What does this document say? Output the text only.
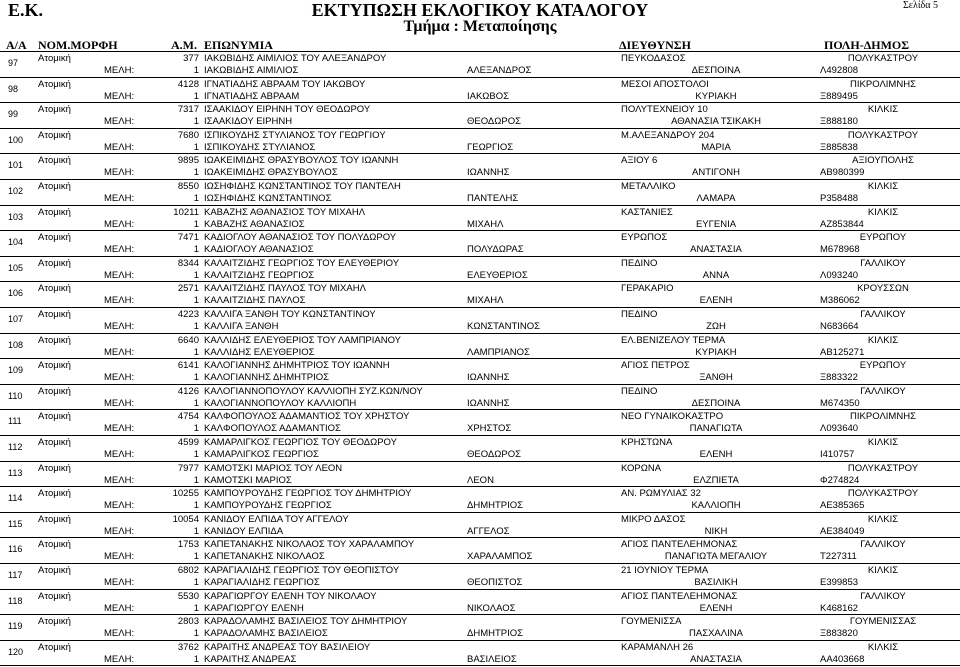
Ε.Κ.	ΕΚΤΥΠΩΣΗ ΕΚΛΟΓΙΚΟΥ ΚΑΤΑΛΟΓΟΥ
Τμήμα : Μεταποίησης
Σελίδα 5
Α/Α ΝΟΜ.ΜΟΡΦΗ	Α.Μ. ΕΠΩΝΥΜΙΑ	ΔΙΕΥΘΥΝΣΗ	ΠΟΛΗ-ΔΗΜΟΣ
97 Ατομική	377 ΙΑΚΩΒΙΔΗΣ ΑΙΜΙΛΙΟΣ ΤΟΥ ΑΛΕΞΑΝΔΡΟΥ	ΠΕΥΚΟΔΑΣΟΣ	ΠΟΛΥΚΑΣΤΡΟΥ
ΜΕΛΗ:	1 ΙΑΚΩΒΙΔΗΣ ΑΙΜΙΛΙΟΣ	ΑΛΕΞΑΝΔΡΟΣ	ΔΕΣΠΟΙΝΑ	Λ492808
98 Ατομική	4128 ΙΓΝΑΤΙΑΔΗΣ ΑΒΡΑΑΜ ΤΟΥ ΙΑΚΩΒΟΥ	ΜΕΣΟΙ ΑΠΟΣΤΟΛΟΙ	ΠΙΚΡΟΛΙΜΝΗΣ
ΜΕΛΗ:	1 ΙΓΝΑΤΙΑΔΗΣ ΑΒΡΑΑΜ	ΙΑΚΩΒΟΣ	ΚΥΡΙΑΚΗ	Ξ889495
99 Ατομική	7317 ΙΣΑΑΚΙΔΟΥ ΕΙΡΗΝΗ ΤΟΥ ΘΕΟΔΩΡΟΥ	ΠΟΛΥΤΕΧΝΕΙΟΥ 10	ΚΙΛΚΙΣ
ΜΕΛΗ:	1 ΙΣΑΑΚΙΔΟΥ ΕΙΡΗΝΗ	ΘΕΟΔΩΡΟΣ	ΑΘΑΝΑΣΙΑ ΤΣΙΚΑΚΗ	Ξ888180
100 Ατομική	7680 ΙΣΠΙΚΟΥΔΗΣ ΣΤΥΛΙΑΝΟΣ ΤΟΥ ΓΕΩΡΓΙΟΥ	Μ.ΑΛΕΞΑΝΔΡΟΥ 204	ΠΟΛΥΚΑΣΤΡΟΥ
ΜΕΛΗ:	1 ΙΣΠΙΚΟΥΔΗΣ ΣΤΥΛΙΑΝΟΣ	ΓΕΩΡΓΙΟΣ	ΜΑΡΙΑ	Ξ885838
101 Ατομική	9895 ΙΩΑΚΕΙΜΙΔΗΣ ΘΡΑΣΥΒΟΥΛΟΣ ΤΟΥ ΙΩΑΝΝΗ	ΑΞΙΟΥ 6	ΑΞΙΟΥΠΟΛΗΣ
ΜΕΛΗ:	1 ΙΩΑΚΕΙΜΙΔΗΣ ΘΡΑΣΥΒΟΥΛΟΣ	ΙΩΑΝΝΗΣ	ΑΝΤΙΓΟΝΗ	ΑΒ980399
102 Ατομική	8550 ΙΩΣΗΦΙΔΗΣ ΚΩΝΣΤΑΝΤΙΝΟΣ ΤΟΥ ΠΑΝΤΕΛΗ	ΜΕΤΑΛΛΙΚΟ	ΚΙΛΚΙΣ
ΜΕΛΗ:	1 ΙΩΣΗΦΙΔΗΣ ΚΩΝΣΤΑΝΤΙΝΟΣ	ΠΑΝΤΕΛΗΣ	ΛΑΜΑΡΑ	Ρ358488
103 Ατομική	10211 ΚΑΒΑΖΗΣ ΑΘΑΝΑΣΙΟΣ ΤΟΥ ΜΙΧΑΗΛ	ΚΑΣΤΑΝΙΕΣ	ΚΙΛΚΙΣ
ΜΕΛΗ:	1 ΚΑΒΑΖΗΣ ΑΘΑΝΑΣΙΟΣ	ΜΙΧΑΗΛ	ΕΥΓΕΝΙΑ	ΑΖ853844
104 Ατομική	7471 ΚΑΔΙΟΓΛΟΥ ΑΘΑΝΑΣΙΟΣ ΤΟΥ ΠΟΛΥΔΩΡΟΥ	ΕΥΡΩΠΟΣ	ΕΥΡΩΠΟΥ
ΜΕΛΗ:	1 ΚΑΔΙΟΓΛΟΥ ΑΘΑΝΑΣΙΟΣ	ΠΟΛΥΔΩΡΑΣ	ΑΝΑΣΤΑΣΙΑ	Μ678968
105 Ατομική	8344 ΚΑΛΑΙΤΖΙΔΗΣ ΓΕΩΡΓΙΟΣ ΤΟΥ ΕΛΕΥΘΕΡΙΟΥ	ΠΕΔΙΝΟ	ΓΑΛΛΙΚΟΥ
ΜΕΛΗ:	1 ΚΑΛΑΙΤΖΙΔΗΣ ΓΕΩΡΓΙΟΣ	ΕΛΕΥΘΕΡΙΟΣ	ΑΝΝΑ	Λ093240
106 Ατομική	2571 ΚΑΛΑΙΤΖΙΔΗΣ ΠΑΥΛΟΣ ΤΟΥ ΜΙΧΑΗΛ	ΓΕΡΑΚΑΡΙΟ	ΚΡΟΥΣΣΩΝ
ΜΕΛΗ:	1 ΚΑΛΑΙΤΖΙΔΗΣ ΠΑΥΛΟΣ	ΜΙΧΑΗΛ	ΕΛΕΝΗ	Μ386062
107 Ατομική	4223 ΚΑΛΛΙΓΑ ΞΑΝΘΗ ΤΟΥ ΚΩΝΣΤΑΝΤΙΝΟΥ	ΠΕΔΙΝΟ	ΓΑΛΛΙΚΟΥ
ΜΕΛΗ:	1 ΚΑΛΛΙΓΑ ΞΑΝΘΗ	ΚΩΝΣΤΑΝΤΙΝΟΣ	ΖΩΗ	Ν683664
108 Ατομική	6640 ΚΑΛΛΙΔΗΣ ΕΛΕΥΘΕΡΙΟΣ ΤΟΥ ΛΑΜΠΡΙΑΝΟΥ	ΕΛ.ΒΕΝΙΖΕΛΟΥ ΤΕΡΜΑ	ΚΙΛΚΙΣ
ΜΕΛΗ:	1 ΚΑΛΛΙΔΗΣ ΕΛΕΥΘΕΡΙΟΣ	ΛΑΜΠΡΙΑΝΟΣ	ΚΥΡΙΑΚΗ	ΑΒ125271
109 Ατομική	6141 ΚΑΛΟΓΙΑΝΝΗΣ ΔΗΜΗΤΡΙΟΣ ΤΟΥ ΙΩΑΝΝΗ	ΑΓΙΟΣ ΠΕΤΡΟΣ	ΕΥΡΩΠΟΥ
ΜΕΛΗ:	1 ΚΑΛΟΓΙΑΝΝΗΣ ΔΗΜΗΤΡΙΟΣ	ΙΩΑΝΝΗΣ	ΞΑΝΘΗ	Ξ883322
110 Ατομική	4126 ΚΑΛΟΓΙΑΝΝΟΠΟΥΛΟΥ ΚΑΛΛΙΟΠΗ ΣΥΖ.ΚΩΝ/ΝΟΥ	ΠΕΔΙΝΟ	ΓΑΛΛΙΚΟΥ
ΜΕΛΗ:	1 ΚΑΛΟΓΙΑΝΝΟΠΟΥΛΟΥ ΚΑΛΛΙΟΠΗ	ΙΩΑΝΝΗΣ	ΔΕΣΠΟΙΝΑ	Μ674350
111 Ατομική	4754 ΚΑΛΦΟΠΟΥΛΟΣ ΑΔΑΜΑΝΤΙΟΣ ΤΟΥ ΧΡΗΣΤΟΥ	ΝΕΟ ΓΥΝΑΙΚΟΚΑΣΤΡΟ	ΠΙΚΡΟΛΙΜΝΗΣ
ΜΕΛΗ:	1 ΚΑΛΦΟΠΟΥΛΟΣ ΑΔΑΜΑΝΤΙΟΣ	ΧΡΗΣΤΟΣ	ΠΑΝΑΓΙΩΤΑ	Λ093640
112 Ατομική	4599 ΚΑΜΑΡΛΙΓΚΟΣ ΓΕΩΡΓΙΟΣ ΤΟΥ ΘΕΟΔΩΡΟΥ	ΚΡΗΣΤΩΝΑ	ΚΙΛΚΙΣ
ΜΕΛΗ:	1 ΚΑΜΑΡΛΙΓΚΟΣ ΓΕΩΡΓΙΟΣ	ΘΕΟΔΩΡΟΣ	ΕΛΕΝΗ	Ι410757
113 Ατομική	7977 ΚΑΜΟΤΣΚΙ ΜΑΡΙΟΣ ΤΟΥ ΛΕΟΝ	ΚΟΡΩΝΑ	ΠΟΛΥΚΑΣΤΡΟΥ
ΜΕΛΗ:	1 ΚΑΜΟΤΣΚΙ ΜΑΡΙΟΣ	ΛΕΟΝ	ΕΛΖΠΙΕΤΑ	Φ274824
114 Ατομική	10255 ΚΑΜΠΟΥΡΟΥΔΗΣ ΓΕΩΡΓΙΟΣ ΤΟΥ ΔΗΜΗΤΡΙΟΥ	ΑΝ. ΡΩΜΥΛΙΑΣ 32	ΠΟΛΥΚΑΣΤΡΟΥ
ΜΕΛΗ:	1 ΚΑΜΠΟΥΡΟΥΔΗΣ ΓΕΩΡΓΙΟΣ	ΔΗΜΗΤΡΙΟΣ	ΚΑΛΛΙΟΠΗ	ΑΕ385365
115 Ατομική	10054 ΚΑΝΙΔΟΥ ΕΛΠΙΔΑ ΤΟΥ ΑΓΓΕΛΟΥ	ΜΙΚΡΟ ΔΑΣΟΣ	ΚΙΛΚΙΣ
ΜΕΛΗ:	1 ΚΑΝΙΔΟΥ ΕΛΠΙΔΑ	ΑΓΓΕΛΟΣ	ΝΙΚΗ	ΑΕ384049
116 Ατομική	1753 ΚΑΠΕΤΑΝΑΚΗΣ ΝΙΚΟΛΑΟΣ ΤΟΥ ΧΑΡΑΛΑΜΠΟΥ	ΑΓΙΟΣ ΠΑΝΤΕΛΕΗΜΟΝΑΣ	ΓΑΛΛΙΚΟΥ
ΜΕΛΗ:	1 ΚΑΠΕΤΑΝΑΚΗΣ ΝΙΚΟΛΑΟΣ	ΧΑΡΑΛΑΜΠΟΣ	ΠΑΝΑΓΙΩΤΑ ΜΕΓΑΛΙΟΥ	Τ227311
117 Ατομική	6802 ΚΑΡΑΓΙΑΛΙΔΗΣ ΓΕΩΡΓΙΟΣ ΤΟΥ ΘΕΟΠΙΣΤΟΥ	21 ΙΟΥΝΙΟΥ ΤΕΡΜΑ	ΚΙΛΚΙΣ
ΜΕΛΗ:	1 ΚΑΡΑΓΙΑΛΙΔΗΣ ΓΕΩΡΓΙΟΣ	ΘΕΟΠΙΣΤΟΣ	ΒΑΣΙΛΙΚΗ	Ε399853
118 Ατομική	5530 ΚΑΡΑΓΙΩΡΓΟΥ ΕΛΕΝΗ ΤΟΥ ΝΙΚΟΛΑΟΥ	ΑΓΙΟΣ ΠΑΝΤΕΛΕΗΜΟΝΑΣ	ΓΑΛΛΙΚΟΥ
ΜΕΛΗ:	1 ΚΑΡΑΓΙΩΡΓΟΥ ΕΛΕΝΗ	ΝΙΚΟΛΑΟΣ	ΕΛΕΝΗ	Κ468162
119 Ατομική	2803 ΚΑΡΑΔΟΛΑΜΗΣ ΒΑΣΙΛΕΙΟΣ ΤΟΥ ΔΗΜΗΤΡΙΟΥ	ΓΟΥΜΕΝΙΣΣΑ	ΓΟΥΜΕΝΙΣΣΑΣ
ΜΕΛΗ:	1 ΚΑΡΑΔΟΛΑΜΗΣ ΒΑΣΙΛΕΙΟΣ	ΔΗΜΗΤΡΙΟΣ	ΠΑΣΧΑΛΙΝΑ	Ξ883820
120 Ατομική	3762 ΚΑΡΑΙΤΗΣ ΑΝΔΡΕΑΣ ΤΟΥ ΒΑΣΙΛΕΙΟΥ	ΚΑΡΑΜΑΝΛΗ 26	ΚΙΛΚΙΣ
ΜΕΛΗ:	1 ΚΑΡΑΙΤΗΣ ΑΝΔΡΕΑΣ	ΒΑΣΙΛΕΙΟΣ	ΑΝΑΣΤΑΣΙΑ	ΑΑ403668
